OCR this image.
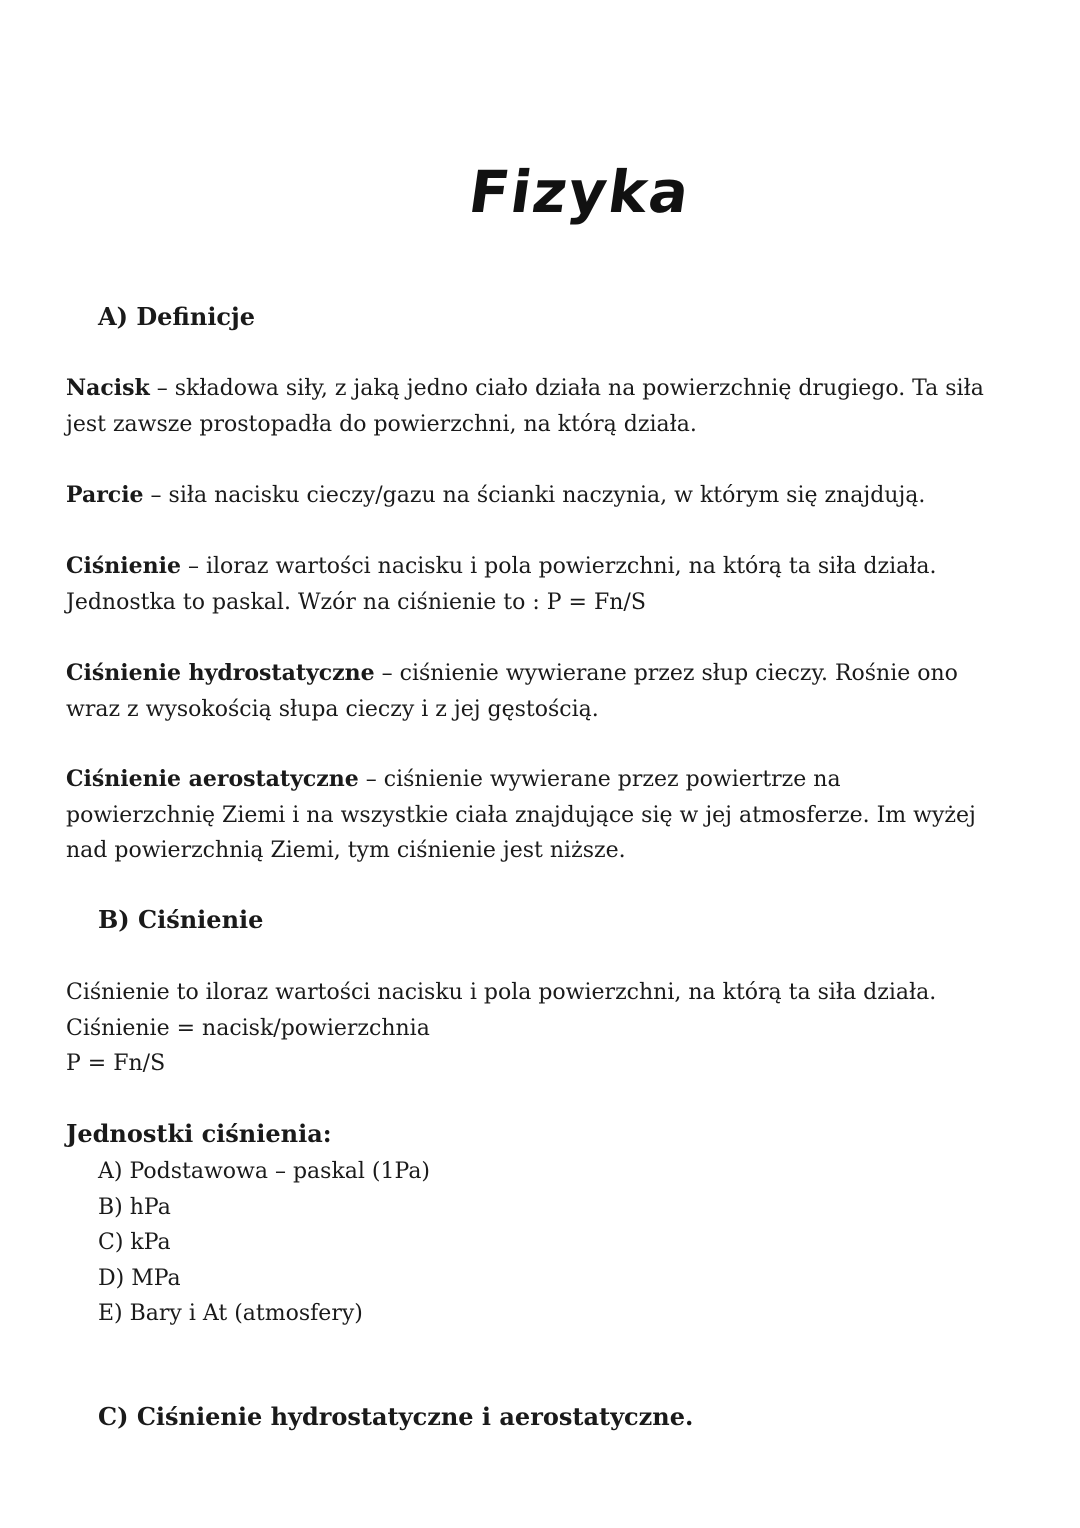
Fizyka
A) Definicje
Nacisk – składowa siły, z jaką jedno ciało działa na powierzchnię drugiego. Ta siła
jest zawsze prostopadła do powierzchni, na którą działa.
Parcie – siła nacisku cieczy/gazu na ścianki naczynia, w którym się znajdują.
Ciśnienie – iloraz wartości nacisku i pola powierzchni, na którą ta siła działa.
Jednostka to paskal. Wzór na ciśnienie to : P = Fn/S
Ciśnienie hydrostatyczne – ciśnienie wywierane przez słup cieczy. Rośnie ono
wraz z wysokością słupa cieczy i z jej gęstością.
Ciśnienie aerostatyczne – ciśnienie wywierane przez powiertrze na
powierzchnię Ziemi i na wszystkie ciała znajdujące się w jej atmosferze. Im wyżej
nad powierzchnią Ziemi, tym ciśnienie jest niższe.
B) Ciśnienie
Ciśnienie to iloraz wartości nacisku i pola powierzchni, na którą ta siła działa.
Ciśnienie = nacisk/powierzchnia
P = Fn/S
Jednostki ciśnienia:
A) Podstawowa – paskal (1Pa)
B) hPa
C) kPa
D) MPa
E) Bary i At (atmosfery)
C) Ciśnienie hydrostatyczne i aerostatyczne.
